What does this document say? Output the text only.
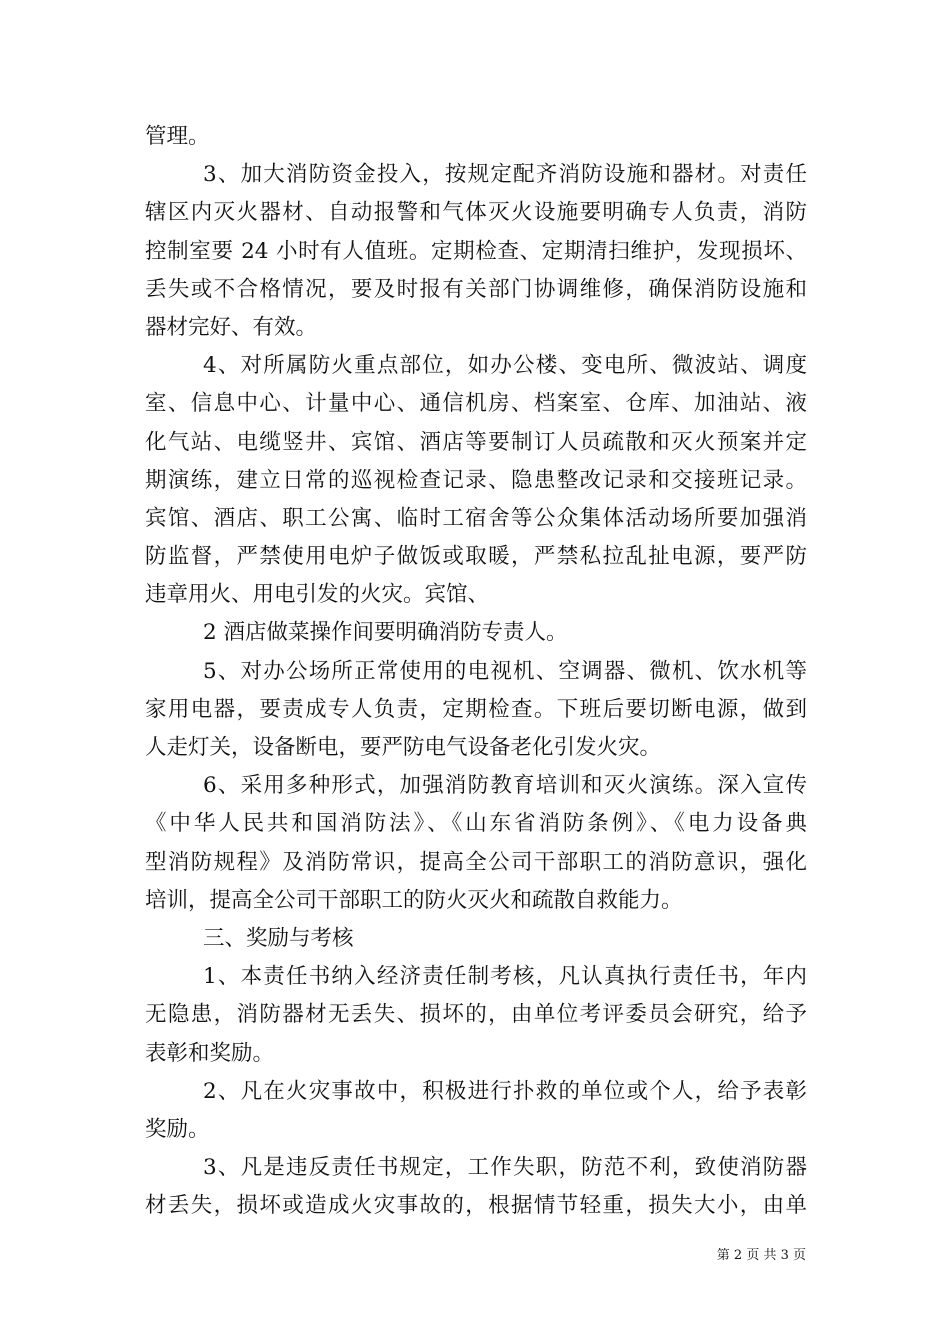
管理。
3、加大消防资金投入，按规定配齐消防设施和器材。对责任
辖区内灭火器材、自动报警和气体灭火设施要明确专人负责，消防
控制室要 24 小时有人值班。定期检查、定期清扫维护，发现损坏、
丢失或不合格情况，要及时报有关部门协调维修，确保消防设施和
器材完好、有效。
4、对所属防火重点部位，如办公楼、变电所、微波站、调度
室、信息中心、计量中心、通信机房、档案室、仓库、加油站、液
化气站、电缆竖井、宾馆、酒店等要制订人员疏散和灭火预案并定
期演练，建立日常的巡视检查记录、隐患整改记录和交接班记录。
宾馆、酒店、职工公寓、临时工宿舍等公众集体活动场所要加强消
防监督，严禁使用电炉子做饭或取暖，严禁私拉乱扯电源，要严防
违章用火、用电引发的火灾。宾馆、
2 酒店做菜操作间要明确消防专责人。
5、对办公场所正常使用的电视机、空调器、微机、饮水机等
家用电器，要责成专人负责，定期检查。下班后要切断电源，做到
人走灯关，设备断电，要严防电气设备老化引发火灾。
6、采用多种形式，加强消防教育培训和灭火演练。深入宣传
《中华人民共和国消防法》、《山东省消防条例》、《电力设备典
型消防规程》及消防常识，提高全公司干部职工的消防意识，强化
培训，提高全公司干部职工的防火灭火和疏散自救能力。
三、奖励与考核
1、本责任书纳入经济责任制考核，凡认真执行责任书，年内
无隐患，消防器材无丢失、损坏的，由单位考评委员会研究，给予
表彰和奖励。
2、凡在火灾事故中，积极进行扑救的单位或个人，给予表彰
奖励。
3、凡是违反责任书规定，工作失职，防范不利，致使消防器
材丢失，损坏或造成火灾事故的，根据情节轻重，损失大小，由单
第 2 页 共 3 页
